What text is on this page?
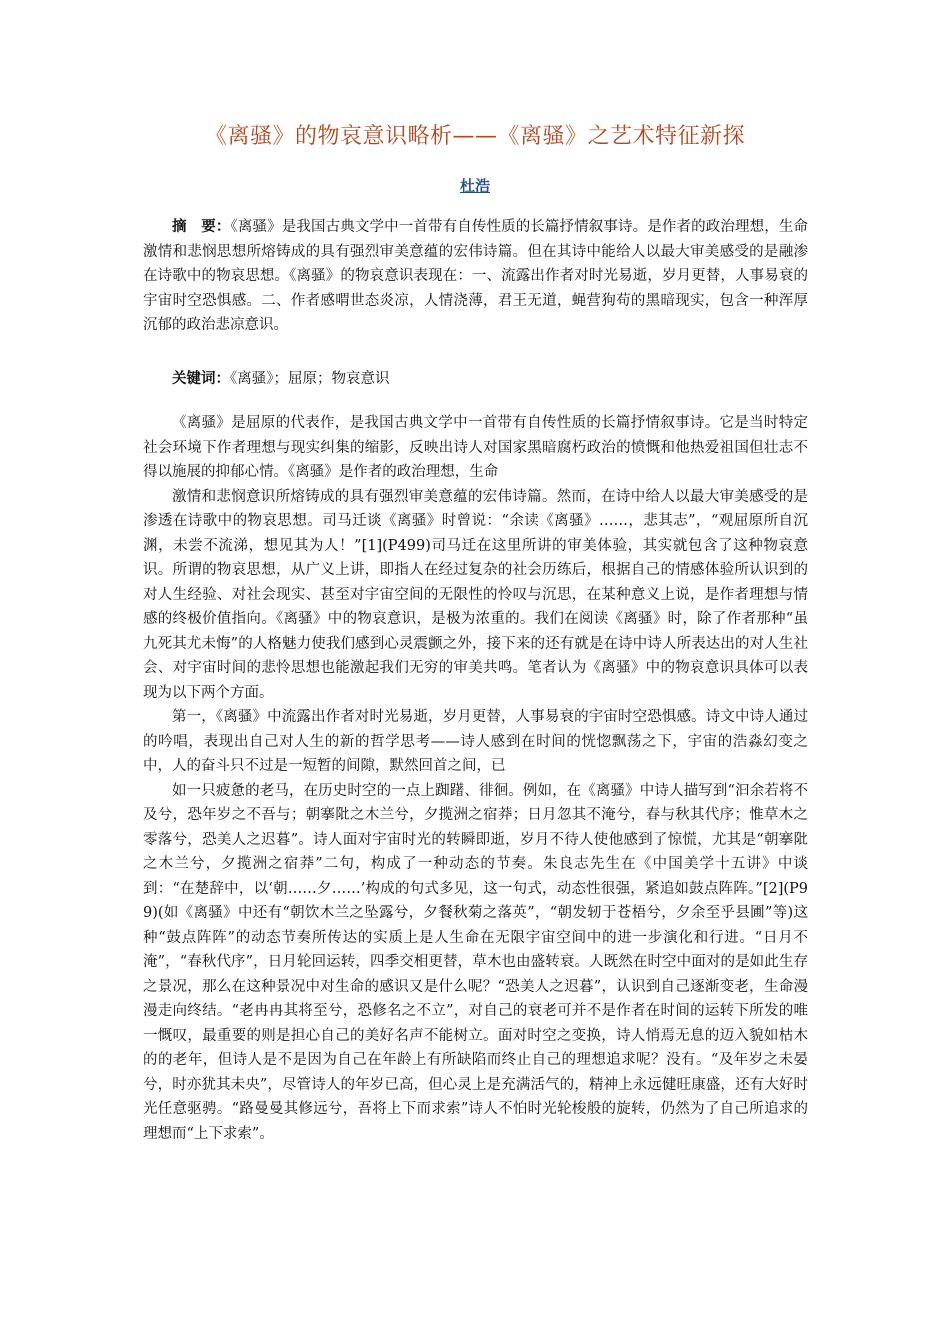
《离骚》的物哀意识略析——《离骚》之艺术特征新探
杜浩
摘　要：《离骚》是我国古典文学中一首带有自传性质的长篇抒情叙事诗。是作者的政治理想，生命激情和悲悯思想所熔铸成的具有强烈审美意蕴的宏伟诗篇。但在其诗中能给人以最大审美感受的是融渗在诗歌中的物哀思想。《离骚》的物哀意识表现在：一、流露出作者对时光易逝，岁月更替，人事易衰的宇宙时空恐惧感。二、作者感喟世态炎凉，人情浇薄，君王无道，蝇营狗苟的黑暗现实，包含一种浑厚沉郁的政治悲凉意识。
关键词：《离骚》；屈原；物哀意识

《离骚》是屈原的代表作，是我国古典文学中一首带有自传性质的长篇抒情叙事诗。它是当时特定社会环境下作者理想与现实纠集的缩影，反映出诗人对国家黑暗腐朽政治的愤慨和他热爱祖国但壮志不得以施展的抑郁心情。《离骚》是作者的政治理想，生命

激情和悲悯意识所熔铸成的具有强烈审美意蕴的宏伟诗篇。然而，在诗中给人以最大审美感受的是渗透在诗歌中的物哀思想。司马迁谈《离骚》时曾说：“余读《离骚》……，悲其志”，“观屈原所自沉渊，未尝不流涕，想见其为人！”[1](P499)司马迁在这里所讲的审美体验，其实就包含了这种物哀意识。所谓的物哀思想，从广义上讲，即指人在经过复杂的社会历练后，根据自己的情感体验所认识到的对人生经验、对社会现实、甚至对宇宙空间的无限性的怜叹与沉思，在某种意义上说，是作者理想与情感的终极价值指向。《离骚》中的物哀意识，是极为浓重的。我们在阅读《离骚》时，除了作者那种“虽九死其尤未悔”的人格魅力使我们感到心灵震颤之外，接下来的还有就是在诗中诗人所表达出的对人生社会、对宇宙时间的悲怜思想也能激起我们无穷的审美共鸣。笔者认为《离骚》中的物哀意识具体可以表现为以下两个方面。

第一，《离骚》中流露出作者对时光易逝，岁月更替，人事易衰的宇宙时空恐惧感。诗文中诗人通过的吟唱，表现出自己对人生的新的哲学思考——诗人感到在时间的恍惚飘荡之下，宇宙的浩淼幻变之中，人的奋斗只不过是一短暂的间隙，默然回首之间，已

如一只疲惫的老马，在历史时空的一点上踟躇、徘徊。例如，在《离骚》中诗人描写到“汩余若将不及兮，恐年岁之不吾与；朝搴阰之木兰兮，夕揽洲之宿莽；日月忽其不淹兮，春与秋其代序；惟草木之零落兮，恐美人之迟暮”。诗人面对宇宙时光的转瞬即逝，岁月不待人使他感到了惊慌，尤其是“朝搴阰之木兰兮，夕揽洲之宿莽”二句，构成了一种动态的节奏。朱良志先生在《中国美学十五讲》中谈到：“在楚辞中，以‘朝……夕……’构成的句式多见，这一句式，动态性很强，紧追如鼓点阵阵。”[2](P99)(如《离骚》中还有“朝饮木兰之坠露兮，夕餐秋菊之落英”，“朝发轫于苍梧兮，夕余至乎县圃”等)这种“鼓点阵阵”的动态节奏所传达的实质上是人生命在无限宇宙空间中的进一步演化和行进。“日月不淹”，“春秋代序”，日月轮回运转，四季交相更替，草木也由盛转衰。人既然在时空中面对的是如此生存之景况，那么在这种景况中对生命的感识又是什么呢？“恐美人之迟暮”，认识到自己逐渐变老，生命漫漫走向终结。“老冉冉其将至兮，恐修名之不立”，对自己的衰老可并不是作者在时间的运转下所发的唯一慨叹，最重要的则是担心自己的美好名声不能树立。面对时空之变换，诗人悄焉无息的迈入貌如枯木的的老年，但诗人是不是因为自己在年龄上有所缺陷而终止自己的理想追求呢？没有。“及年岁之未晏兮，时亦犹其未央”，尽管诗人的年岁已高，但心灵上是充满活气的，精神上永远健旺康盛，还有大好时光任意驱骋。“路曼曼其修远兮，吾将上下而求索”诗人不怕时光轮梭般的旋转，仍然为了自己所追求的理想而“上下求索”。
